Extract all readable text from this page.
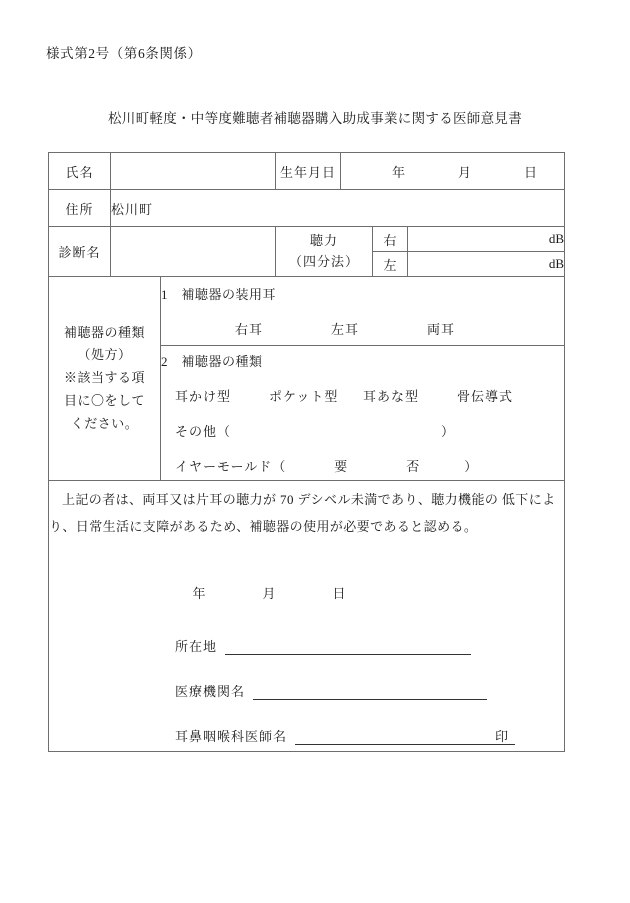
様式第2号（第6条関係）
松川町軽度・中等度難聴者補聴器購入助成事業に関する医師意見書
氏名			生年月日	年 月 日		

住所	松川町					
診断名			聴力 （四分法）		右	dB
					左	dB

補聴器の種類
（処方）
※該当する項
目に〇をして
ください。

1　補聴器の装用耳
右耳	左耳	両耳

2　補聴器の種類
耳かけ型	ポケット型	耳あな型	骨伝導式
その他（	）
イヤーモールド（	要	否	）

上記の者は、両耳又は片耳の聴力が 70 デシベル未満であり、聴力機能の 低下により、日常生活に支障があるため、補聴器の使用が必要であると認める。
年	月	日
所在地
医療機関名
耳鼻咽喉科医師名	印
